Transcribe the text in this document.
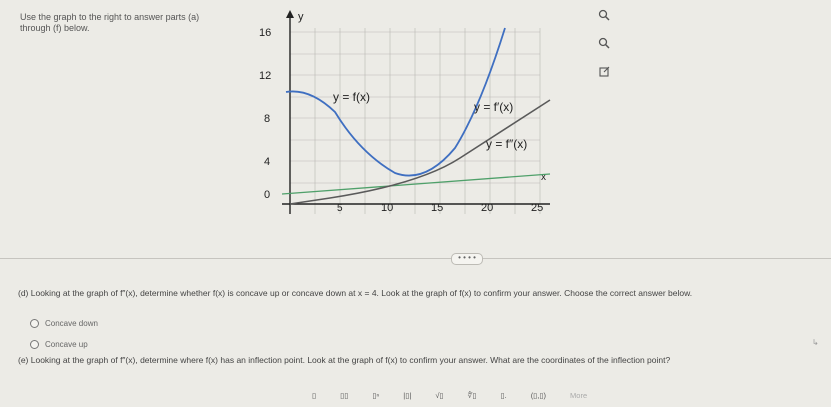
Use the graph to the right to answer parts (a)
through (f) below.
y
x
16
12
8
4
0
5	10	15	20	25
y = f(x)
y = f′(x)
y = f″(x)
• • • •
(d) Looking at the graph of f″(x), determine whether f(x) is concave up or concave down at x = 4. Look at the graph of f(x) to confirm your answer. Choose the correct answer below.
Concave down
Concave up	↳
(e) Looking at the graph of f″(x), determine where f(x) has an inflection point. Look at the graph of f(x) to confirm your answer. What are the coordinates of the inflection point?
▯	▯▯	▯ⁿ	|▯|	√▯	∜▯	▯.	(▯,▯)	More
